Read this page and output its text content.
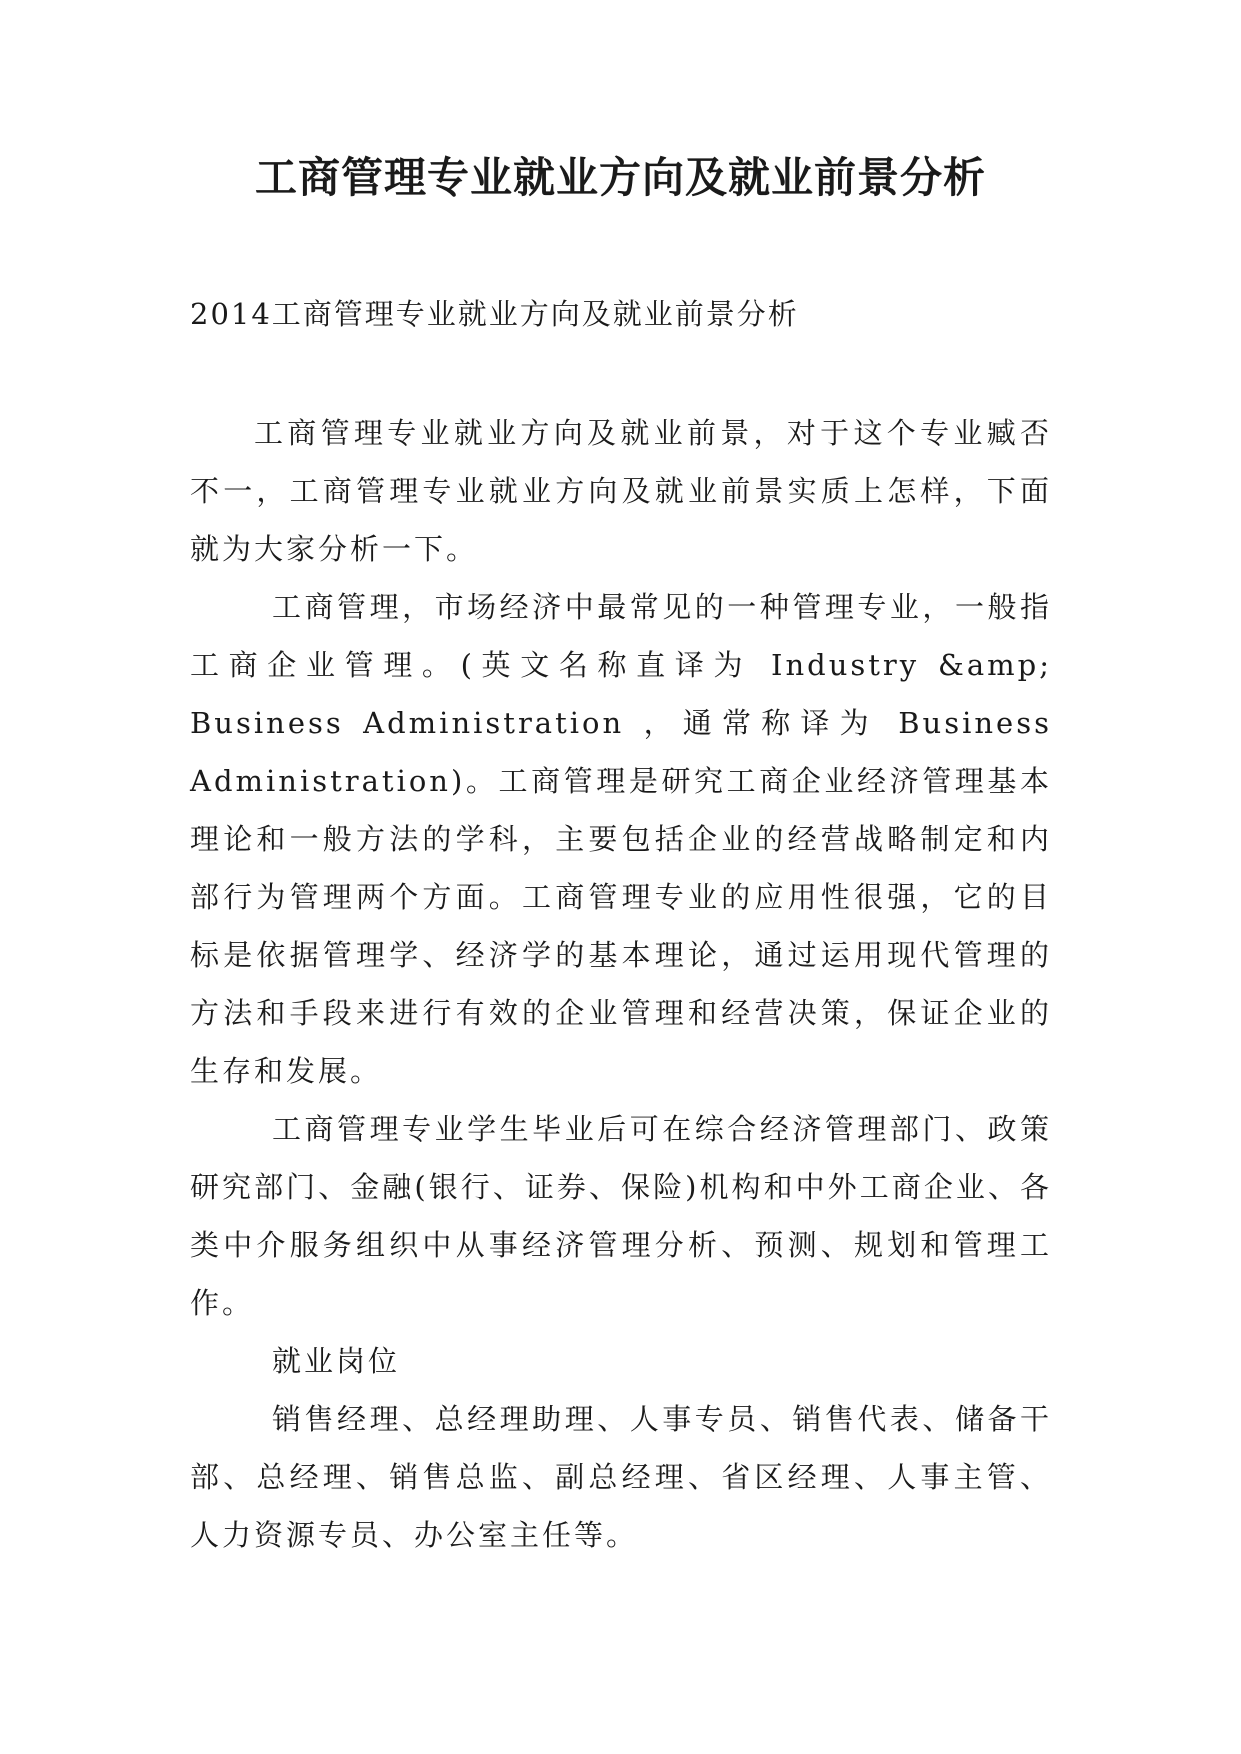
工商管理专业就业方向及就业前景分析

2014工商管理专业就业方向及就业前景分析

工商管理专业就业方向及就业前景，对于这个专业臧否不一，工商管理专业就业方向及就业前景实质上怎样，下面就为大家分析一下。

工商管理，市场经济中最常见的一种管理专业，一般指工商企业管理。(英文名称直译为 Industry &amp; Business Administration ，通常称译为 Business Administration)。工商管理是研究工商企业经济管理基本理论和一般方法的学科，主要包括企业的经营战略制定和内部行为管理两个方面。工商管理专业的应用性很强，它的目标是依据管理学、经济学的基本理论，通过运用现代管理的方法和手段来进行有效的企业管理和经营决策，保证企业的生存和发展。

工商管理专业学生毕业后可在综合经济管理部门、政策研究部门、金融(银行、证券、保险)机构和中外工商企业、各类中介服务组织中从事经济管理分析、预测、规划和管理工作。

就业岗位

销售经理、总经理助理、人事专员、销售代表、储备干部、总经理、销售总监、副总经理、省区经理、人事主管、人力资源专员、办公室主任等。
